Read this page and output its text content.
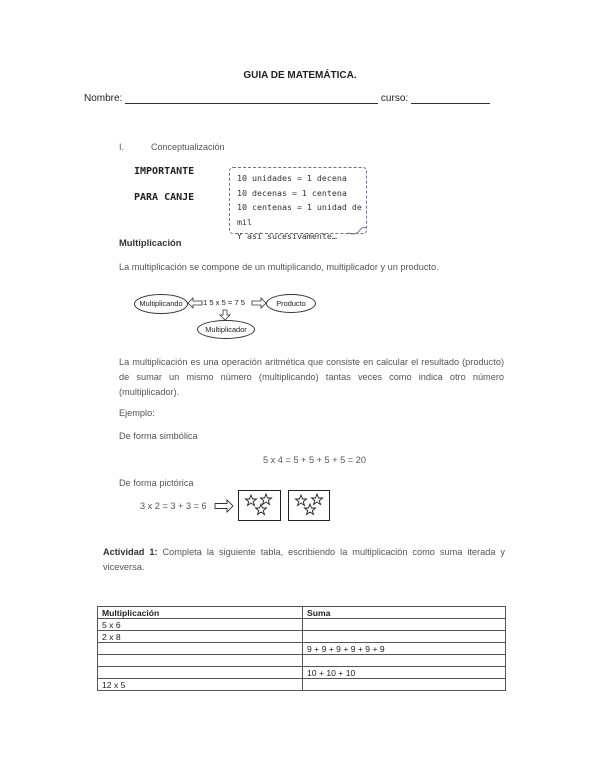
GUIA DE MATEMÁTICA.
Nombre:	curso:
I.	Conceptualización
IMPORTANTE
PARA CANJE
10 unidades = 1 decena
10 decenas = 1 centena
10 centenas = 1 unidad de mil
Y así sucesivamente…
Multiplicación
La multiplicación se compone de un multiplicando, multiplicador y un producto.
Multiplicando	1 5 x 5 = 7 5	Producto
Multiplicador
La multiplicación es una operación aritmética que consiste en calcular el resultado (producto) de sumar un mismo número (multiplicando) tantas veces como indica otro número (multiplicador).
Ejemplo:
De forma simbólica
5 x 4 = 5 + 5 + 5 + 5 = 20
De forma pictórica
3 x 2 = 3 + 3 = 6
Actividad 1: Completa la siguiente tabla, escribiendo la multiplicación como suma iterada y viceversa.
Multiplicación	Suma
5 x 6	
2 x 8	
	9 + 9 + 9 + 9 + 9 + 9

	10 + 10 + 10
12 x 5	
